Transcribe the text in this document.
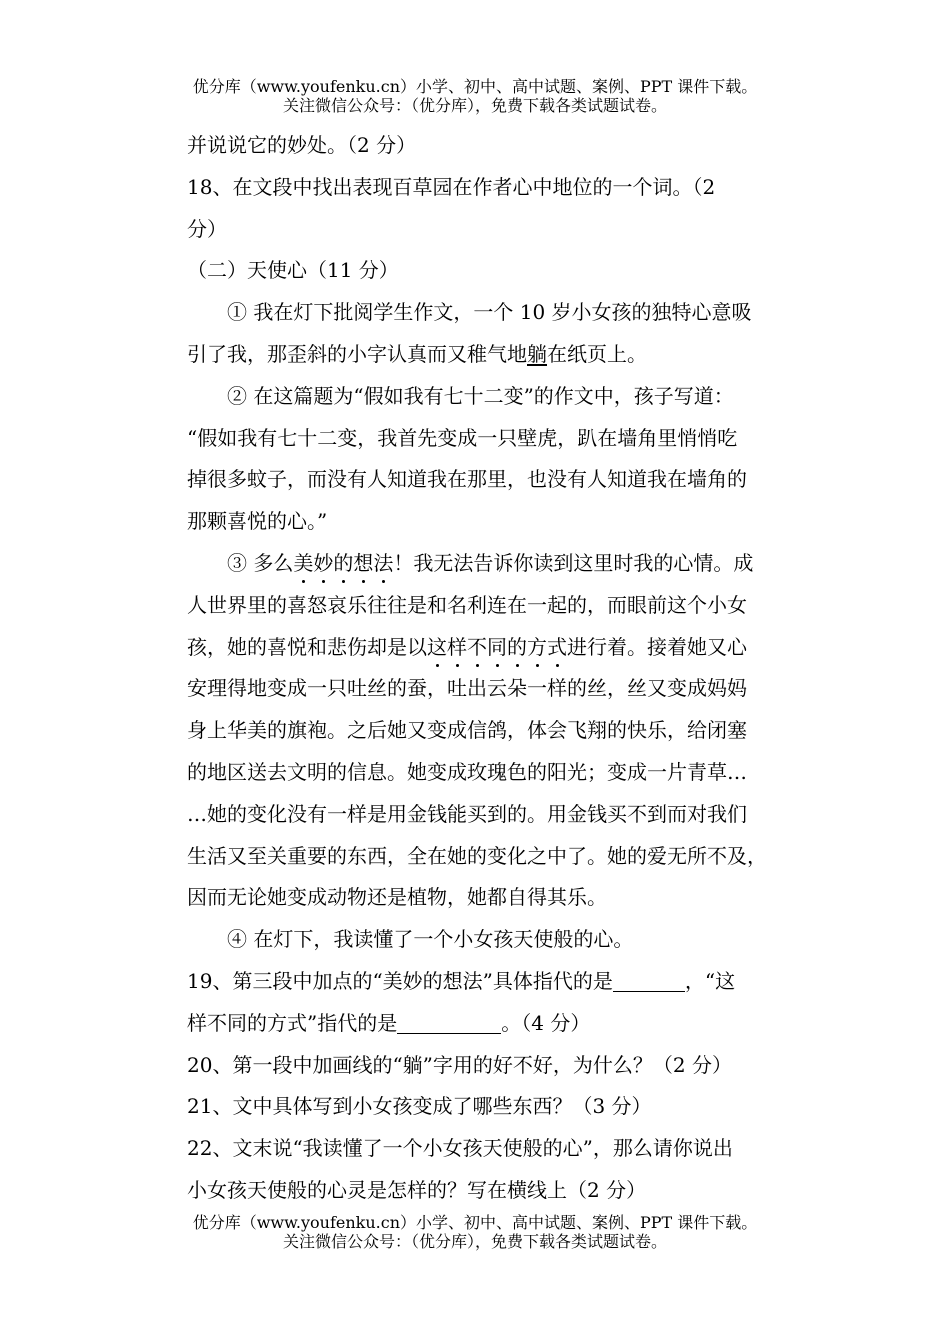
优分库（www.youfenku.cn）小学、初中、高中试题、案例、PPT 课件下载。
关注微信公众号：（优分库），免费下载各类试题试卷。
并说说它的妙处。（2 分）
18、在文段中找出表现百草园在作者心中地位的一个词。（2
分）
（二）天使心（11 分）
① 我在灯下批阅学生作文，一个 10 岁小女孩的独特心意吸
引了我，那歪斜的小字认真而又稚气地躺在纸页上。
② 在这篇题为“假如我有七十二变”的作文中，孩子写道：
“假如我有七十二变，我首先变成一只壁虎，趴在墙角里悄悄吃
掉很多蚊子，而没有人知道我在那里，也没有人知道我在墙角的
那颗喜悦的心。”
③ 多么美妙的想法！我无法告诉你读到这里时我的心情。成
人世界里的喜怒哀乐往往是和名利连在一起的，而眼前这个小女
孩，她的喜悦和悲伤却是以这样不同的方式进行着。接着她又心
安理得地变成一只吐丝的蚕，吐出云朵一样的丝，丝又变成妈妈
身上华美的旗袍。之后她又变成信鸽，体会飞翔的快乐，给闭塞
的地区送去文明的信息。她变成玫瑰色的阳光；变成一片青草…
…她的变化没有一样是用金钱能买到的。用金钱买不到而对我们
生活又至关重要的东西，全在她的变化之中了。她的爱无所不及，
因而无论她变成动物还是植物，她都自得其乐。
④ 在灯下，我读懂了一个小女孩天使般的心。
19、第三段中加点的“美妙的想法”具体指代的是	，“这
样不同的方式”指代的是	。（4 分）
20、第一段中加画线的“躺”字用的好不好，为什么？（2 分）
21、文中具体写到小女孩变成了哪些东西？（3 分）
22、文末说“我读懂了一个小女孩天使般的心”，那么请你说出
小女孩天使般的心灵是怎样的？写在横线上（2 分）
优分库（www.youfenku.cn）小学、初中、高中试题、案例、PPT 课件下载。
关注微信公众号：（优分库），免费下载各类试题试卷。
